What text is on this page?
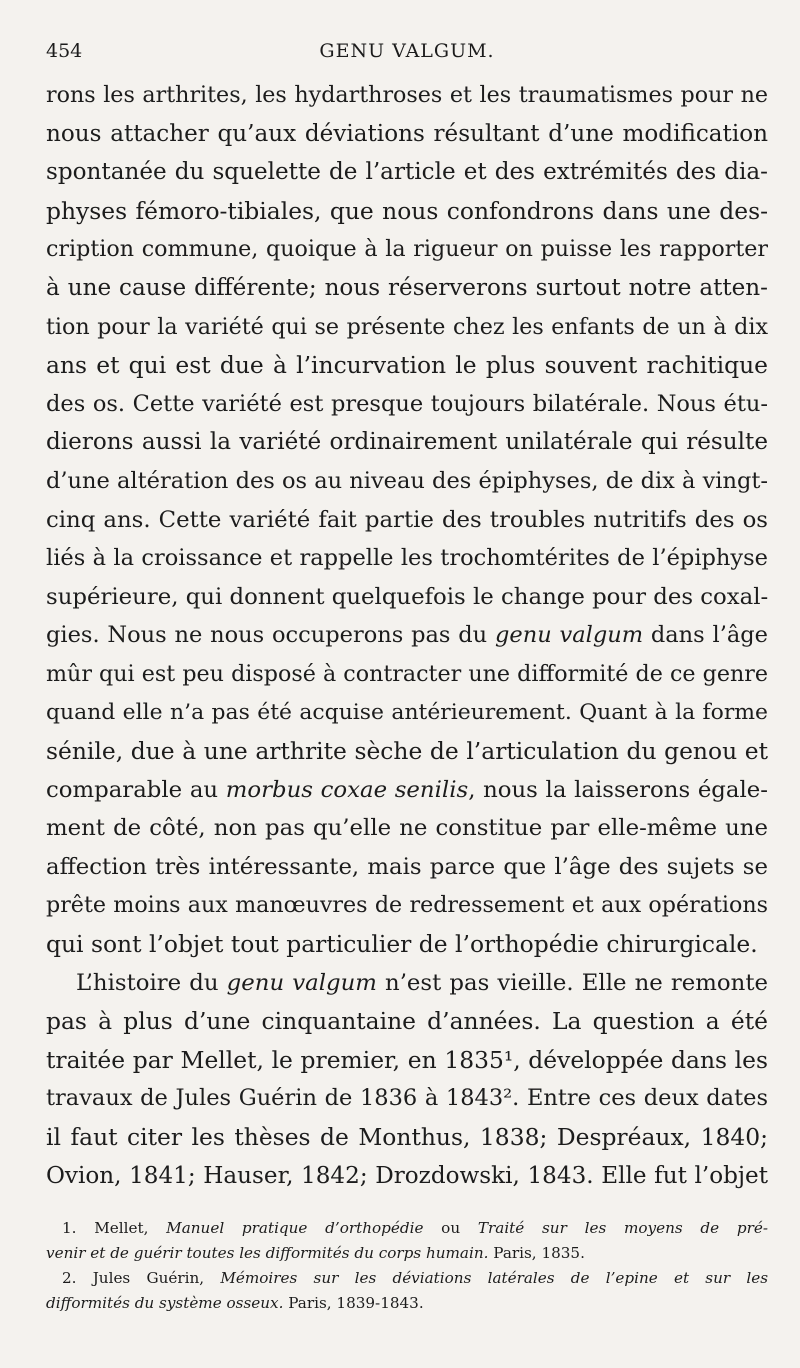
454	GENU VALGUM.
rons les arthrites, les hydarthroses et les traumatismes pour ne
nous attacher qu’aux déviations résultant d’une modification
spontanée du squelette de l’article et des extrémités des dia-
physes fémoro-tibiales, que nous confondrons dans une des-
cription commune, quoique à la rigueur on puisse les rapporter
à une cause différente; nous réserverons surtout notre atten-
tion pour la variété qui se présente chez les enfants de un à dix
ans et qui est due à l’incurvation le plus souvent rachitique
des os. Cette variété est presque toujours bilatérale. Nous étu-
dierons aussi la variété ordinairement unilatérale qui résulte
d’une altération des os au niveau des épiphyses, de dix à vingt-
cinq ans. Cette variété fait partie des troubles nutritifs des os
liés à la croissance et rappelle les trochomtérites de l’épiphyse
supérieure, qui donnent quelquefois le change pour des coxal-
gies. Nous ne nous occuperons pas du genu valgum dans l’âge
mûr qui est peu disposé à contracter une difformité de ce genre
quand elle n’a pas été acquise antérieurement. Quant à la forme
sénile, due à une arthrite sèche de l’articulation du genou et
comparable au morbus coxae senilis, nous la laisserons égale-
ment de côté, non pas qu’elle ne constitue par elle-même une
affection très intéressante, mais parce que l’âge des sujets se
prête moins aux manœuvres de redressement et aux opérations
qui sont l’objet tout particulier de l’orthopédie chirurgicale.
L’histoire du genu valgum n’est pas vieille. Elle ne remonte
pas à plus d’une cinquantaine d’années. La question a été
traitée par Mellet, le premier, en 1835¹, développée dans les
travaux de Jules Guérin de 1836 à 1843². Entre ces deux dates
il faut citer les thèses de Monthus, 1838; Despréaux, 1840;
Ovion, 1841; Hauser, 1842; Drozdowski, 1843. Elle fut l’objet
1. Mellet, Manuel pratique d’orthopédie ou Traité sur les moyens de pré-
venir et de guérir toutes les difformités du corps humain. Paris, 1835.
2. Jules Guérin, Mémoires sur les déviations latérales de l’epine et sur les
difformités du système osseux. Paris, 1839-1843.
